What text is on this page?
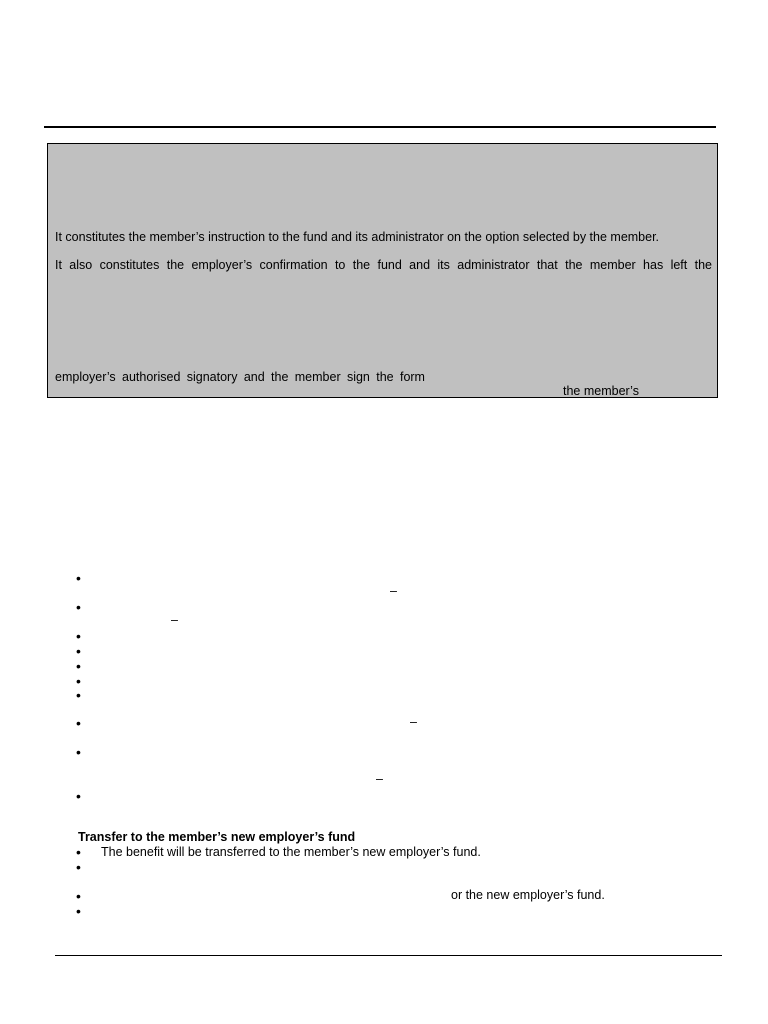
It constitutes the member’s instruction to the fund and its administrator on the option selected by the member.
It also constitutes the employer’s confirmation to the fund and its administrator that the member has left the
employer’s authorised signatory and the member sign the form
the member’s
•
–
•
–
•
•
•
•
•
•	–
•
–
•
Transfer to the member’s new employer’s fund
• The benefit will be transferred to the member’s new employer’s fund.
•
•	or the new employer’s fund.
•
